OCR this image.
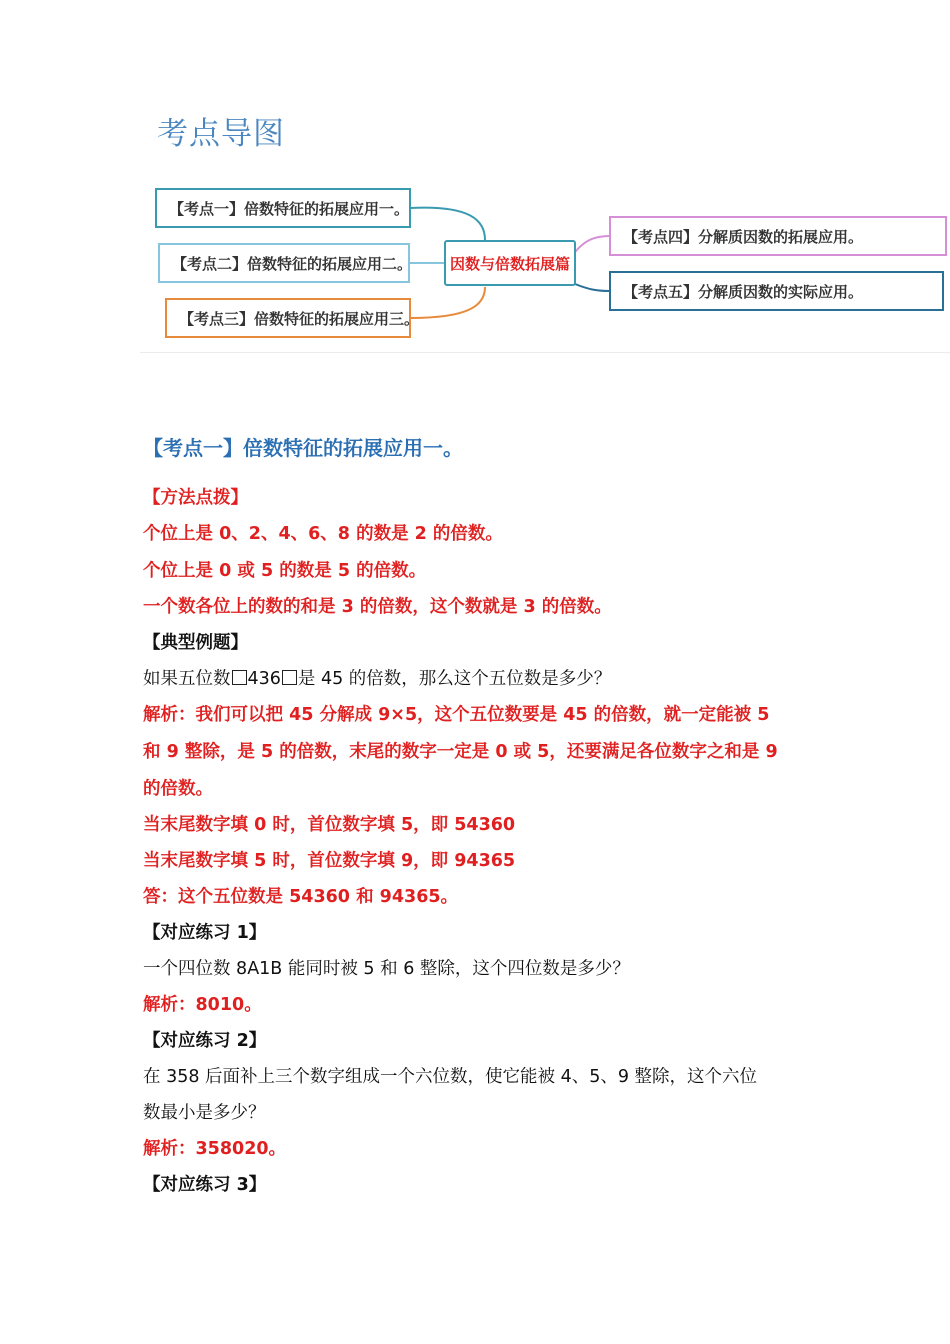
考点导图
因数与倍数拓展篇
【考点一】倍数特征的拓展应用一。
【考点二】倍数特征的拓展应用二。
【考点三】倍数特征的拓展应用三。
【考点四】分解质因数的拓展应用。
【考点五】分解质因数的实际应用。
【考点一】倍数特征的拓展应用一。
【方法点拨】
个位上是 0、2、4、6、8 的数是 2 的倍数。
个位上是 0 或 5 的数是 5 的倍数。
一个数各位上的数的和是 3 的倍数，这个数就是 3 的倍数。
【典型例题】
如果五位数 436 是 45 的倍数，那么这个五位数是多少？
解析：我们可以把 45 分解成 9×5，这个五位数要是 45 的倍数，就一定能被 5
和 9 整除，是 5 的倍数，末尾的数字一定是 0 或 5，还要满足各位数字之和是 9
的倍数。
当末尾数字填 0 时，首位数字填 5，即 54360
当末尾数字填 5 时，首位数字填 9，即 94365
答：这个五位数是 54360 和 94365。
【对应练习 1】
一个四位数 8A1B 能同时被 5 和 6 整除，这个四位数是多少？
解析：8010。
【对应练习 2】
在 358 后面补上三个数字组成一个六位数，使它能被 4、5、9 整除，这个六位
数最小是多少？
解析：358020。
【对应练习 3】
